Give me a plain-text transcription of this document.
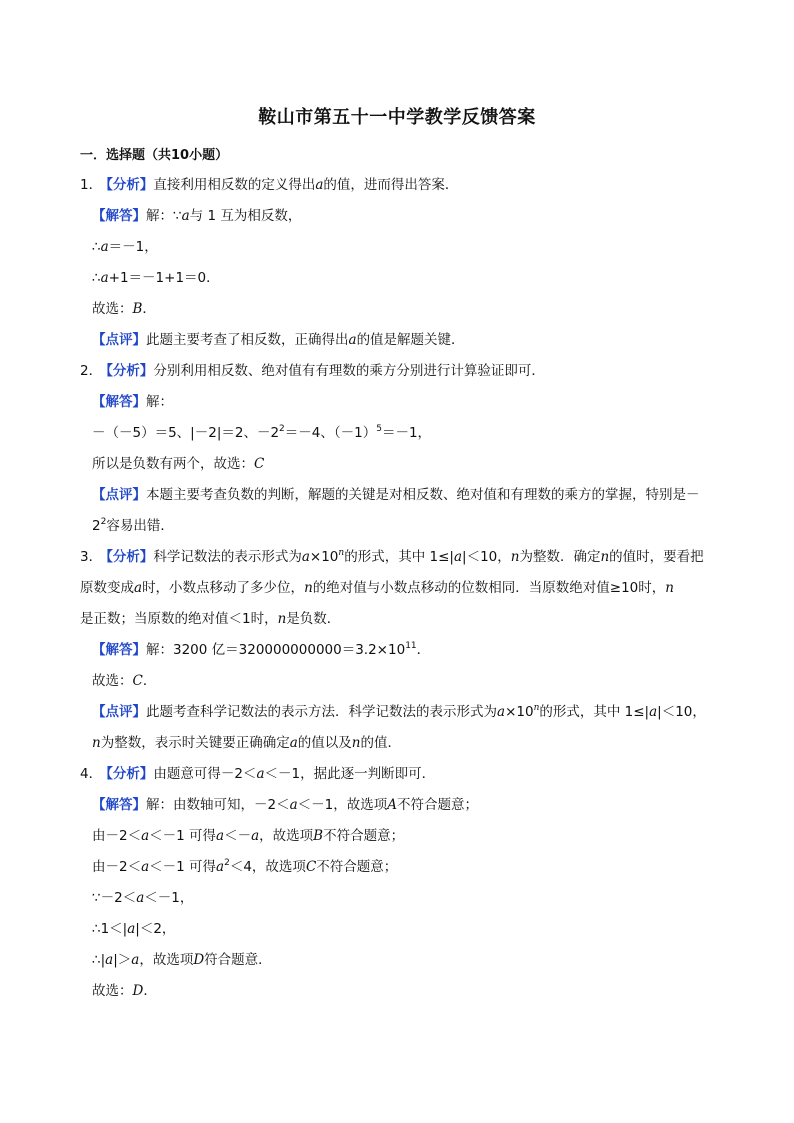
鞍山市第五十一中学教学反馈答案
一．选择题（共10小题）
1． 【分析】直接利用相反数的定义得出a的值，进而得出答案．
【解答】解：∵a与 1 互为相反数，
∴a＝－1，
∴a+1＝－1+1＝0．
故选：B．
【点评】此题主要考查了相反数，正确得出a的值是解题关键．
2． 【分析】分别利用相反数、绝对值有有理数的乘方分别进行计算验证即可．
【解答】解：
－（－5）＝5、|－2|＝2、$-2^2=-4$、$(-1)^5=-1$，
所以是负数有两个，故选：C
【点评】本题主要考查负数的判断，解题的关键是对相反数、绝对值和有理数的乘方的掌握，特别是－
$2^2$容易出错．
3． 【分析】科学记数法的表示形式为$a\times 10^n$的形式，其中 1≤|a|＜10，n为整数．确定n的值时，要看把
原数变成a时，小数点移动了多少位，n的绝对值与小数点移动的位数相同．当原数绝对值≥10时，n
是正数；当原数的绝对值＜1时，n是负数．
【解答】解：3200 亿$=320000000000=3.2\times 10^{11}$．
故选：C．
【点评】此题考查科学记数法的表示方法．科学记数法的表示形式为$a\times 10^n$的形式，其中 1≤|a|＜10，
n为整数，表示时关键要正确确定a的值以及n的值．
4． 【分析】由题意可得－2＜a＜－1，据此逐一判断即可．
【解答】解：由数轴可知，－2＜a＜－1，故选项A不符合题意；
由－2＜a＜－1 可得a＜－a，故选项B不符合题意；
由－2＜a＜－1 可得$a^2<4$，故选项C不符合题意；
∵－2＜a＜－1，
∴1＜|a|＜2，
∴|a|＞a，故选项D符合题意．
故选：D．
